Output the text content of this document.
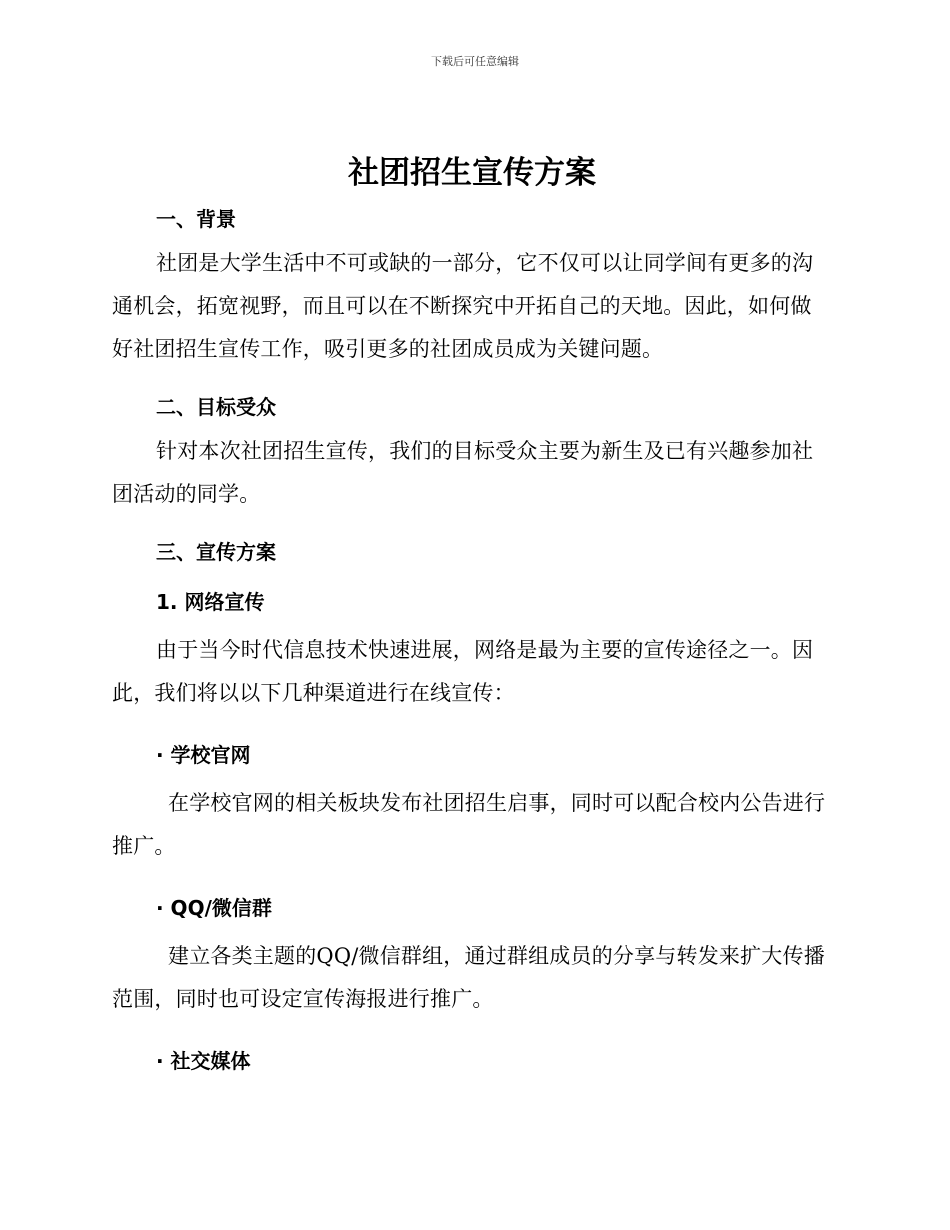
下载后可任意编辑
社团招生宣传方案
一、背景

社团是大学生活中不可或缺的一部分，它不仅可以让同学间有更多的沟通机会，拓宽视野，而且可以在不断探究中开拓自己的天地。因此，如何做好社团招生宣传工作，吸引更多的社团成员成为关键问题。

二、目标受众

针对本次社团招生宣传，我们的目标受众主要为新生及已有兴趣参加社团活动的同学。

三、宣传方案
1. 网络宣传

由于当今时代信息技术快速进展，网络是最为主要的宣传途径之一。因此，我们将以以下几种渠道进行在线宣传：

· 学校官网

在学校官网的相关板块发布社团招生启事，同时可以配合校内公告进行推广。

· QQ/微信群

建立各类主题的QQ/微信群组，通过群组成员的分享与转发来扩大传播范围，同时也可设定宣传海报进行推广。

· 社交媒体
